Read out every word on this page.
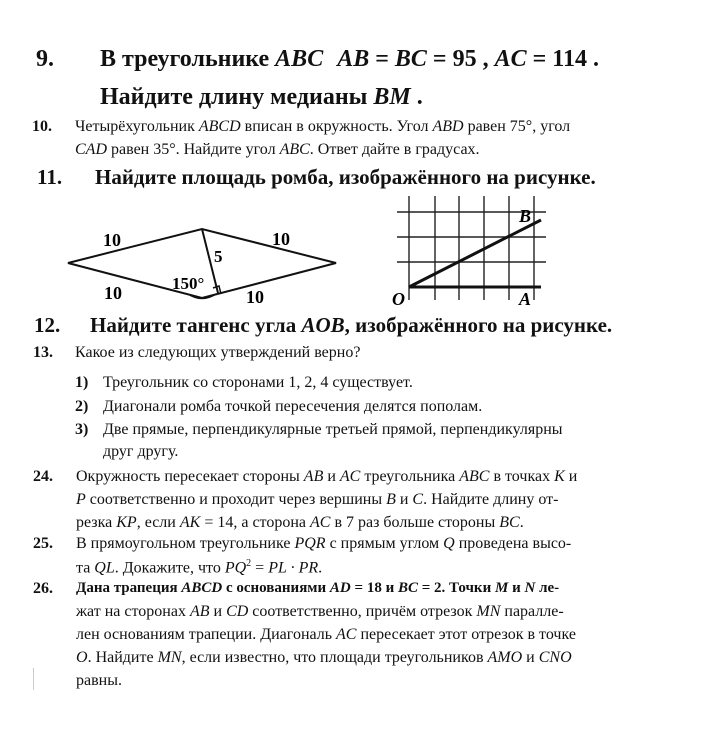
9. В треугольнике ABC AB = BC = 95 , AC = 114 .
Найдите длину медианы BM .
10. Четырёхугольник ABCD вписан в окружность. Угол ABD равен 75°, угол
CAD равен 35°. Найдите угол ABC. Ответ дайте в градусах.
11. Найдите площадь ромба, изображённого на рисунке.
10	10
10	10
5
150°
O	A
B
12. Найдите тангенс угла AOB, изображённого на рисунке.
13. Какое из следующих утверждений верно?
1) Треугольник со сторонами 1, 2, 4 существует.
2) Диагонали ромба точкой пересечения делятся пополам.
3) Две прямые, перпендикулярные третьей прямой, перпендикулярны
друг другу.
24. Окружность пересекает стороны AB и AC треугольника ABC в точках K и
P соответственно и проходит через вершины B и C. Найдите длину от-
резка KP, если AK = 14, а сторона AC в 7 раз больше стороны BC.
25. В прямоугольном треугольнике PQR с прямым углом Q проведена высо-
та QL. Докажите, что $PQ^2$ = PL · PR.
26. Дана трапеция ABCD с основаниями AD = 18 и BC = 2. Точки M и N ле-
жат на сторонах AB и CD соответственно, причём отрезок MN паралле-
лен основаниям трапеции. Диагональ AC пересекает этот отрезок в точке
O. Найдите MN, если известно, что площади треугольников AMO и CNO
равны.
